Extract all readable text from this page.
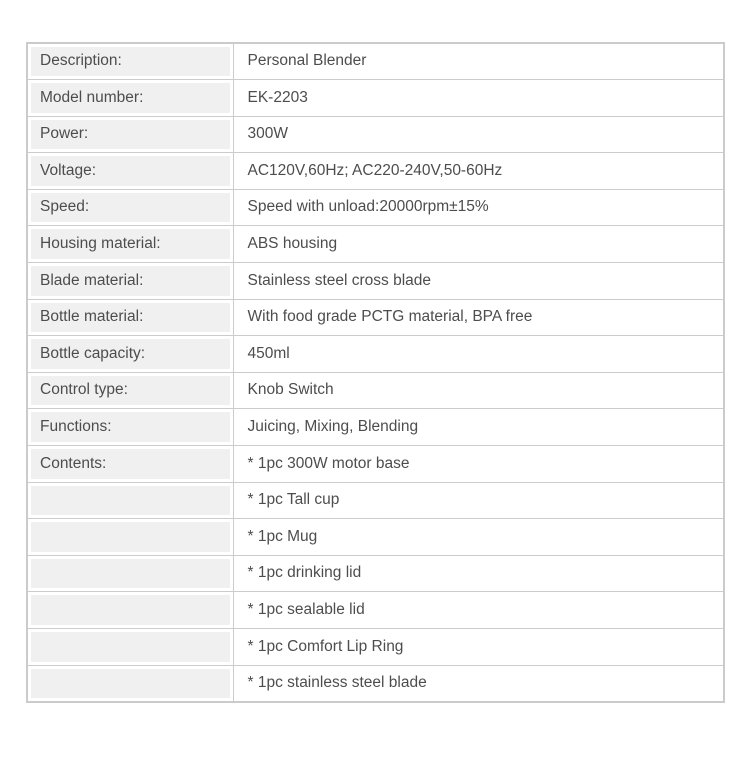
Description:	Personal Blender
Model number:	EK-2203
Power:	300W
Voltage:	AC120V,60Hz; AC220-240V,50-60Hz
Speed:	Speed with unload:20000rpm±15%
Housing material:	ABS housing
Blade material:	Stainless steel cross blade
Bottle material:	With food grade PCTG material, BPA free
Bottle capacity:	450ml
Control type:	Knob Switch
Functions:	Juicing, Mixing, Blending
Contents:	* 1pc 300W motor base
	* 1pc Tall cup
	* 1pc Mug
	* 1pc drinking lid
	* 1pc sealable lid
	* 1pc Comfort Lip Ring
	* 1pc stainless steel blade
